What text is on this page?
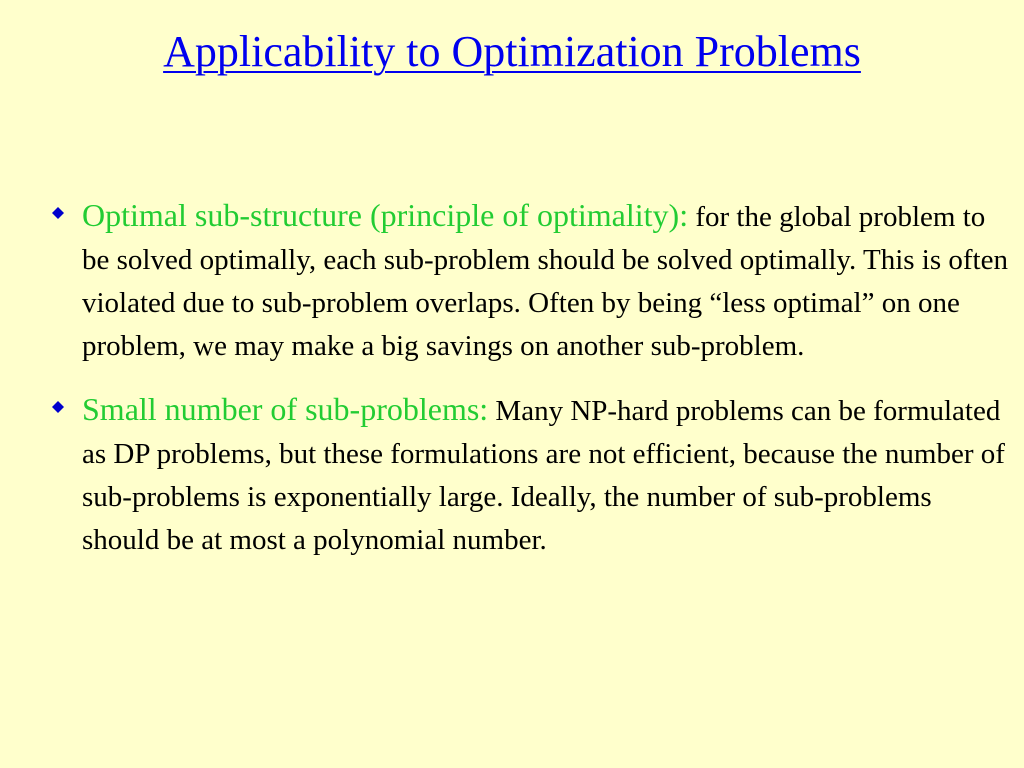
Applicability to Optimization Problems
Optimal sub-structure (principle of optimality): for the global problem to be solved optimally, each sub-problem should be solved optimally. This is often violated due to sub-problem overlaps. Often by being “less optimal” on one problem, we may make a big savings on another sub-problem.
Small number of sub-problems: Many NP-hard problems can be formulated as DP problems, but these formulations are not efficient, because the number of sub-problems is exponentially large. Ideally, the number of sub-problems should be at most a polynomial number.
